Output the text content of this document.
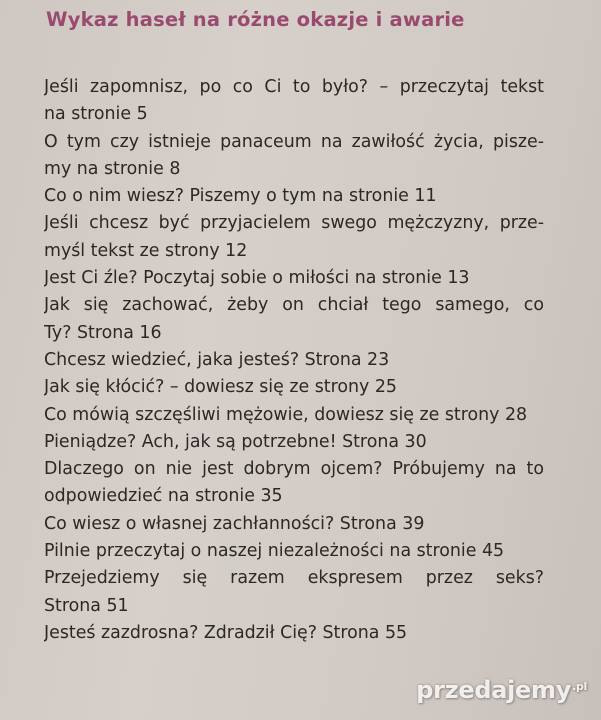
Wykaz haseł na różne okazje i awarie
Jeśli zapomnisz, po co Ci to było? – przeczytaj tekst
na stronie 5
O tym czy istnieje panaceum na zawiłość życia, pisze-
my na stronie 8
Co o nim wiesz? Piszemy o tym na stronie 11
Jeśli chcesz być przyjacielem swego mężczyzny, prze-
myśl tekst ze strony 12
Jest Ci źle? Poczytaj sobie o miłości na stronie 13
Jak się zachować, żeby on chciał tego samego, co
Ty? Strona 16
Chcesz wiedzieć, jaka jesteś? Strona 23
Jak się kłócić? – dowiesz się ze strony 25
Co mówią szczęśliwi mężowie, dowiesz się ze strony 28
Pieniądze? Ach, jak są potrzebne! Strona 30
Dlaczego on nie jest dobrym ojcem? Próbujemy na to
odpowiedzieć na stronie 35
Co wiesz o własnej zachłanności? Strona 39
Pilnie przeczytaj o naszej niezależności na stronie 45
Przejedziemy się razem ekspresem przez seks?
Strona 51
Jesteś zazdrosna? Zdradził Cię? Strona 55
przedajemy$^{.pl}$
